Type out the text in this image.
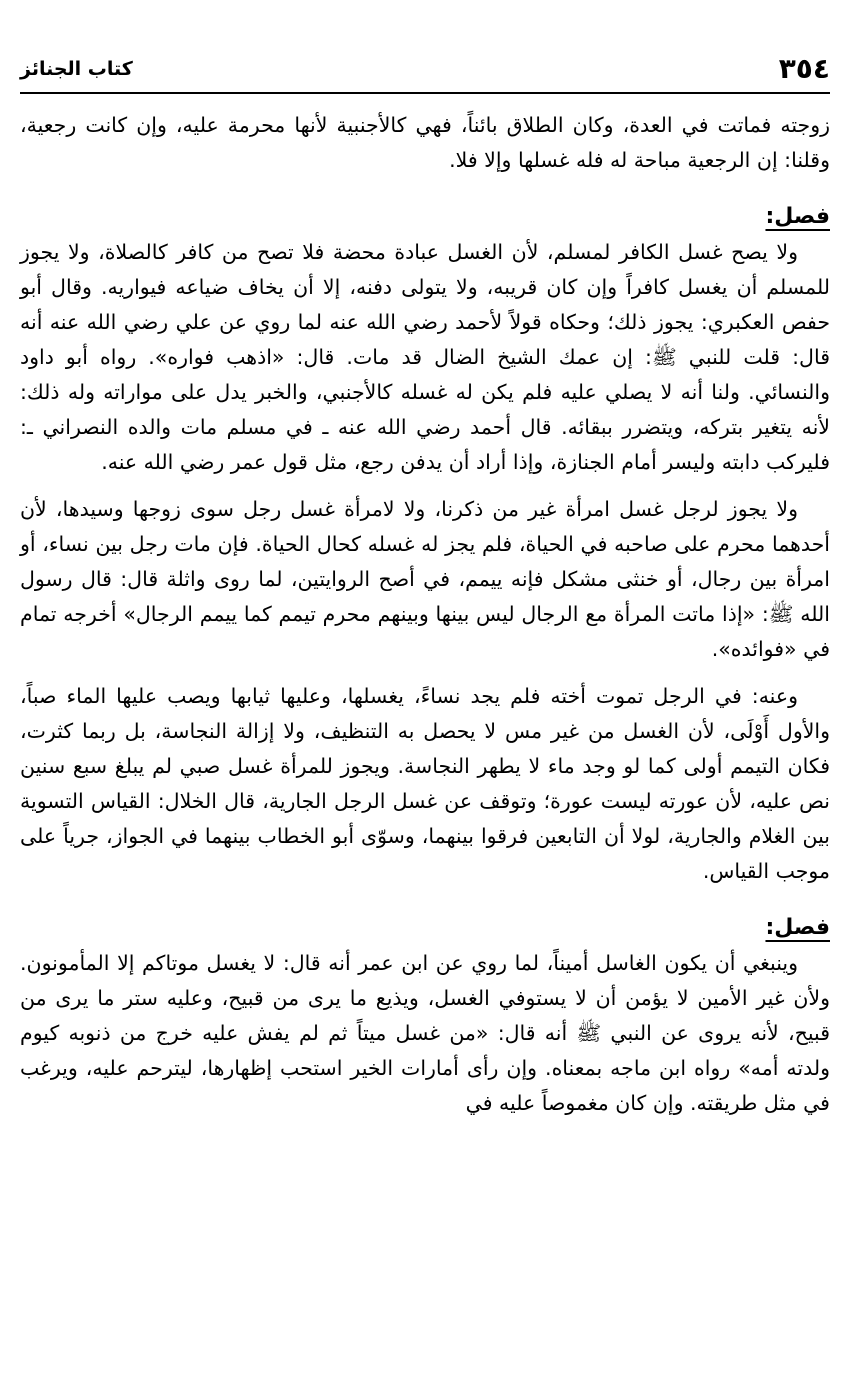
٣٥٤
كتاب الجنائز

زوجته فماتت في العدة، وكان الطلاق بائناً، فهي كالأجنبية لأنها محرمة عليه، وإن كانت رجعية، وقلنا: إن الرجعية مباحة له فله غسلها وإلا فلا.

فصل:

ولا يصح غسل الكافر لمسلم، لأن الغسل عبادة محضة فلا تصح من كافر كالصلاة، ولا يجوز للمسلم أن يغسل كافراً وإن كان قريبه، ولا يتولى دفنه، إلا أن يخاف ضياعه فيواريه. وقال أبو حفص العكبري: يجوز ذلك؛ وحكاه قولاً لأحمد رضي الله عنه لما روي عن علي رضي الله عنه أنه قال: قلت للنبي ﷺ: إن عمك الشيخ الضال قد مات. قال: «اذهب فواره». رواه أبو داود والنسائي. ولنا أنه لا يصلي عليه فلم يكن له غسله كالأجنبي، والخبر يدل على مواراته وله ذلك: لأنه يتغير بتركه، ويتضرر ببقائه. قال أحمد رضي الله عنه ـ في مسلم مات والده النصراني ـ: فليركب دابته وليسر أمام الجنازة، وإذا أراد أن يدفن رجع، مثل قول عمر رضي الله عنه.

ولا يجوز لرجل غسل امرأة غير من ذكرنا، ولا لامرأة غسل رجل سوى زوجها وسيدها، لأن أحدهما محرم على صاحبه في الحياة، فلم يجز له غسله كحال الحياة. فإن مات رجل بين نساء، أو امرأة بين رجال، أو خنثى مشكل فإنه ييمم، في أصح الروايتين، لما روى واثلة قال: قال رسول الله ﷺ: «إذا ماتت المرأة مع الرجال ليس بينها وبينهم محرم تيمم كما ييمم الرجال» أخرجه تمام في «فوائده».

وعنه: في الرجل تموت أخته فلم يجد نساءً، يغسلها، وعليها ثيابها ويصب عليها الماء صباً، والأول أَوْلَى، لأن الغسل من غير مس لا يحصل به التنظيف، ولا إزالة النجاسة، بل ربما كثرت، فكان التيمم أولى كما لو وجد ماء لا يطهر النجاسة. ويجوز للمرأة غسل صبي لم يبلغ سبع سنين نص عليه، لأن عورته ليست عورة؛ وتوقف عن غسل الرجل الجارية، قال الخلال: القياس التسوية بين الغلام والجارية، لولا أن التابعين فرقوا بينهما، وسوّى أبو الخطاب بينهما في الجواز، جرياً على موجب القياس.

فصل:

وينبغي أن يكون الغاسل أميناً، لما روي عن ابن عمر أنه قال: لا يغسل موتاكم إلا المأمونون. ولأن غير الأمين لا يؤمن أن لا يستوفي الغسل، ويذيع ما يرى من قبيح، وعليه ستر ما يرى من قبيح، لأنه يروى عن النبي ﷺ أنه قال: «من غسل ميتاً ثم لم يفش عليه خرج من ذنوبه كيوم ولدته أمه» رواه ابن ماجه بمعناه. وإن رأى أمارات الخير استحب إظهارها، ليترحم عليه، ويرغب في مثل طريقته. وإن كان مغموصاً عليه في
